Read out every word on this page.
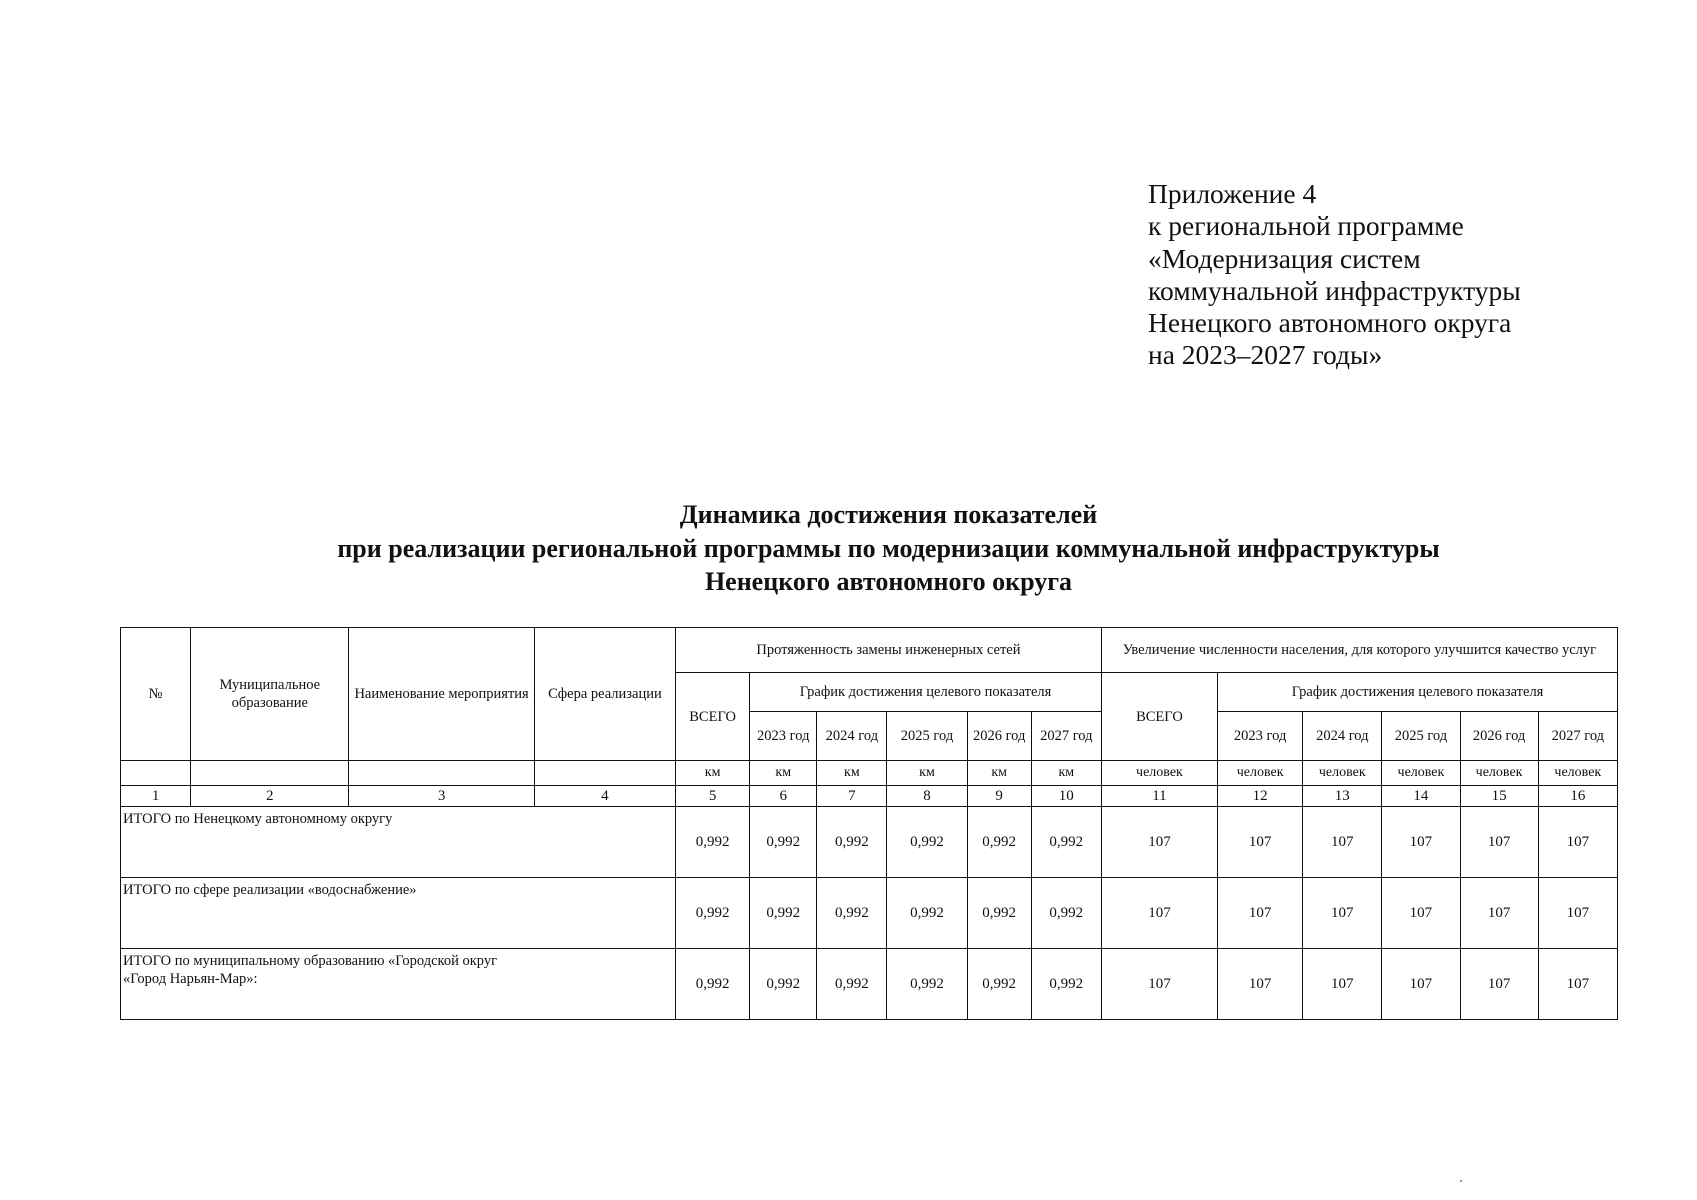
Приложение 4
к региональной программе
«Модернизация систем
коммунальной инфраструктуры
Ненецкого автономного округа
на 2023–2027 годы»
Динамика достижения показателей
при реализации региональной программы по модернизации коммунальной инфраструктуры
Ненецкого автономного округа
№	Муниципальное образование	Наименование мероприятия	Сфера реализации	Протяженность замены инженерных сетей						Увеличение численности населения, для которого улучшится качество услуг					
				ВСЕГО	График достижения целевого показателя					ВСЕГО	График достижения целевого показателя				
					2023 год	2024 год	2025 год	2026 год	2027 год		2023 год	2024 год	2025 год	2026 год	2027 год
				км	км	км	км	км	км	человек	человек	человек	человек	человек	человек
1	2	3	4	5	6	7	8	9	10	11	12	13	14	15	16

ИТОГО по Ненецкому автономному округу				0,992	0,992	0,992	0,992	0,992	0,992	107	107	107	107	107	107

ИТОГО по сфере реализации «водоснабжение»				0,992	0,992	0,992	0,992	0,992	0,992	107	107	107	107	107	107

ИТОГО по муниципальному образованию «Городской округ
«Город Нарьян-Мар»:				0,992	0,992	0,992	0,992	0,992	0,992	107	107	107	107	107	107
